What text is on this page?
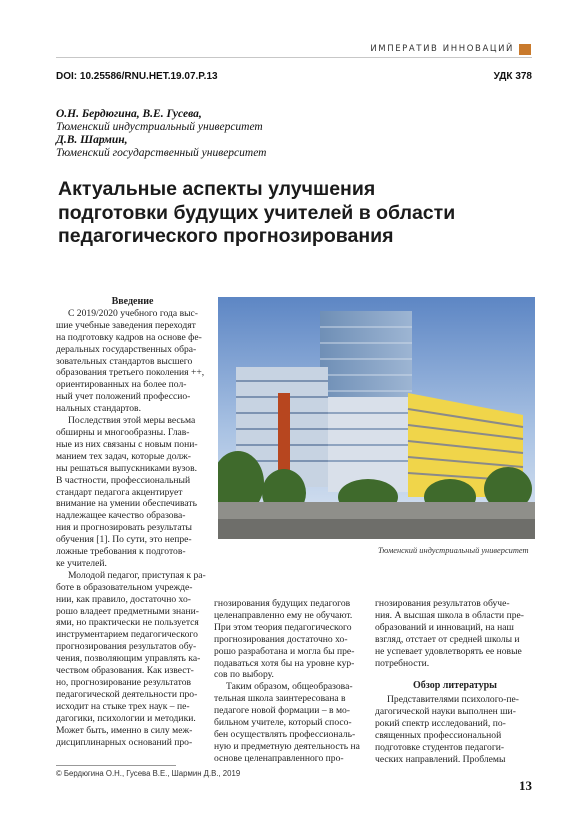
ИМПЕРАТИВ ИННОВАЦИЙ
DOI: 10.25586/RNU.HET.19.07.P.13	УДК 378
О.Н. Бердюгина, В.Е. Гусева,
Тюменский индустриальный университет
Д.В. Шармин,
Тюменский государственный университет
Актуальные аспекты улучшения
подготовки будущих учителей в области
педагогического прогнозирования
Введение
С 2019/2020 учебного года выс-
шие учебные заведения переходят
на подготовку кадров на основе фе-
деральных государственных обра-
зовательных стандартов высшего
образования третьего поколения ++,
ориентированных на более пол-
ный учет положений профессио-
нальных стандартов.
Последствия этой меры весьма
обширны и многообразны. Глав-
ные из них связаны с новым пони-
манием тех задач, которые долж-
ны решаться выпускниками вузов.
В частности, профессиональный
стандарт педагога акцентирует
внимание на умении обеспечивать
надлежащее качество образова-
ния и прогнозировать результаты
обучения [1]. По сути, это непре-
ложные требования к подготов-
ке учителей.
Молодой педагог, приступая к ра-
боте в образовательном учрежде-
нии, как правило, достаточно хо-
рошо владеет предметными знани-
ями, но практически не пользуется
инструментарием педагогического
прогнозирования результатов обу-
чения, позволяющим управлять ка-
чеством образования. Как извест-
но, прогнозирование результатов
педагогической деятельности про-
исходит на стыке трех наук – пе-
дагогики, психологии и методики.
Может быть, именно в силу меж-
дисциплинарных оснований про-
Тюменский индустриальный университет
гнозирования будущих педагогов
целенаправленно ему не обучают.
При этом теория педагогического
прогнозирования достаточно хо-
рошо разработана и могла бы пре-
подаваться хотя бы на уровне кур-
сов по выбору.
Таким образом, общеобразова-
тельная школа заинтересована в
педагоге новой формации – в мо-
бильном учителе, который спосо-
бен осуществлять профессиональ-
ную и предметную деятельность на
основе целенаправленного про-
гнозирования результатов обуче-
ния. А высшая школа в области пре-
образований и инноваций, на наш
взгляд, отстает от средней школы и
не успевает удовлетворять ее новые
потребности.
Обзор литературы
Представителями психолого-пе-
дагогической науки выполнен ши-
рокий спектр исследований, по-
священных профессиональной
подготовке студентов педагоги-
ческих направлений. Проблемы
© Бердюгина О.Н., Гусева В.Е., Шармин Д.В., 2019
13
